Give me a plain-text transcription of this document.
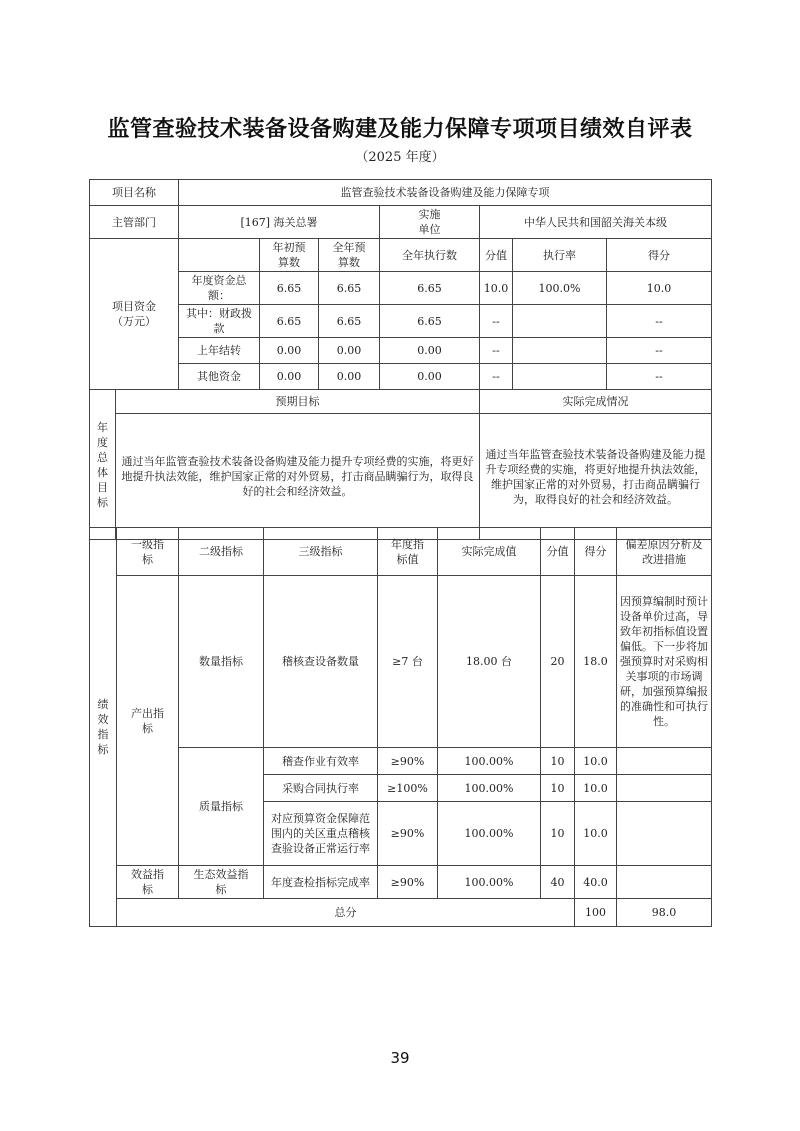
监管查验技术装备设备购建及能力保障专项项目绩效自评表
（2025 年度）
项目名称		监管查验技术装备设备购建及能力保障专项						
主管部门		[167] 海关总署			实施单位	中华人民共和国韶关海关本级		
项目资金（万元）			年初预算数	全年预算数	全年执行数	分值	执行率	得分
		年度资金总额：	6.65	6.65	6.65	10.0	100.0%	10.0
		其中：财政拨款	6.65	6.65	6.65	--		--
		上年结转	0.00	0.00	0.00	--		--
		其他资金	0.00	0.00	0.00	--		--
年度总体目标	预期目标					实际完成情况		
	通过当年监管查验技术装备设备购建及能力提升专项经费的实施，将更好地提升执法效能，维护国家正常的对外贸易，打击商品瞒骗行为，取得良好的社会和经济效益。					通过当年监管查验技术装备设备购建及能力提升专项经费的实施，将更好地提升执法效能，维护国家正常的对外贸易，打击商品瞒骗行为，取得良好的社会和经济效益。		
绩效指标	一级指标	二级指标	三级指标	年度指标值	实际完成值	分值	得分	偏差原因分析及改进措施	
	产出指标	数量指标	稽核查设备数量	≥7 台	18.00 台	20	18.0	因预算编制时预计设备单价过高，导致年初指标值设置偏低。下一步将加强预算时对采购相关事项的市场调研，加强预算编报的准确性和可执行性。	
		质量指标	稽查作业有效率	≥90%	100.00%	10	10.0		
			采购合同执行率	≥100%	100.00%	10	10.0		
			对应预算资金保障范围内的关区重点稽核查验设备正常运行率	≥90%	100.00%	10	10.0		
	效益指标	生态效益指标	年度查检指标完成率	≥90%	100.00%	40	40.0		
	总分						100	98.0	
39
